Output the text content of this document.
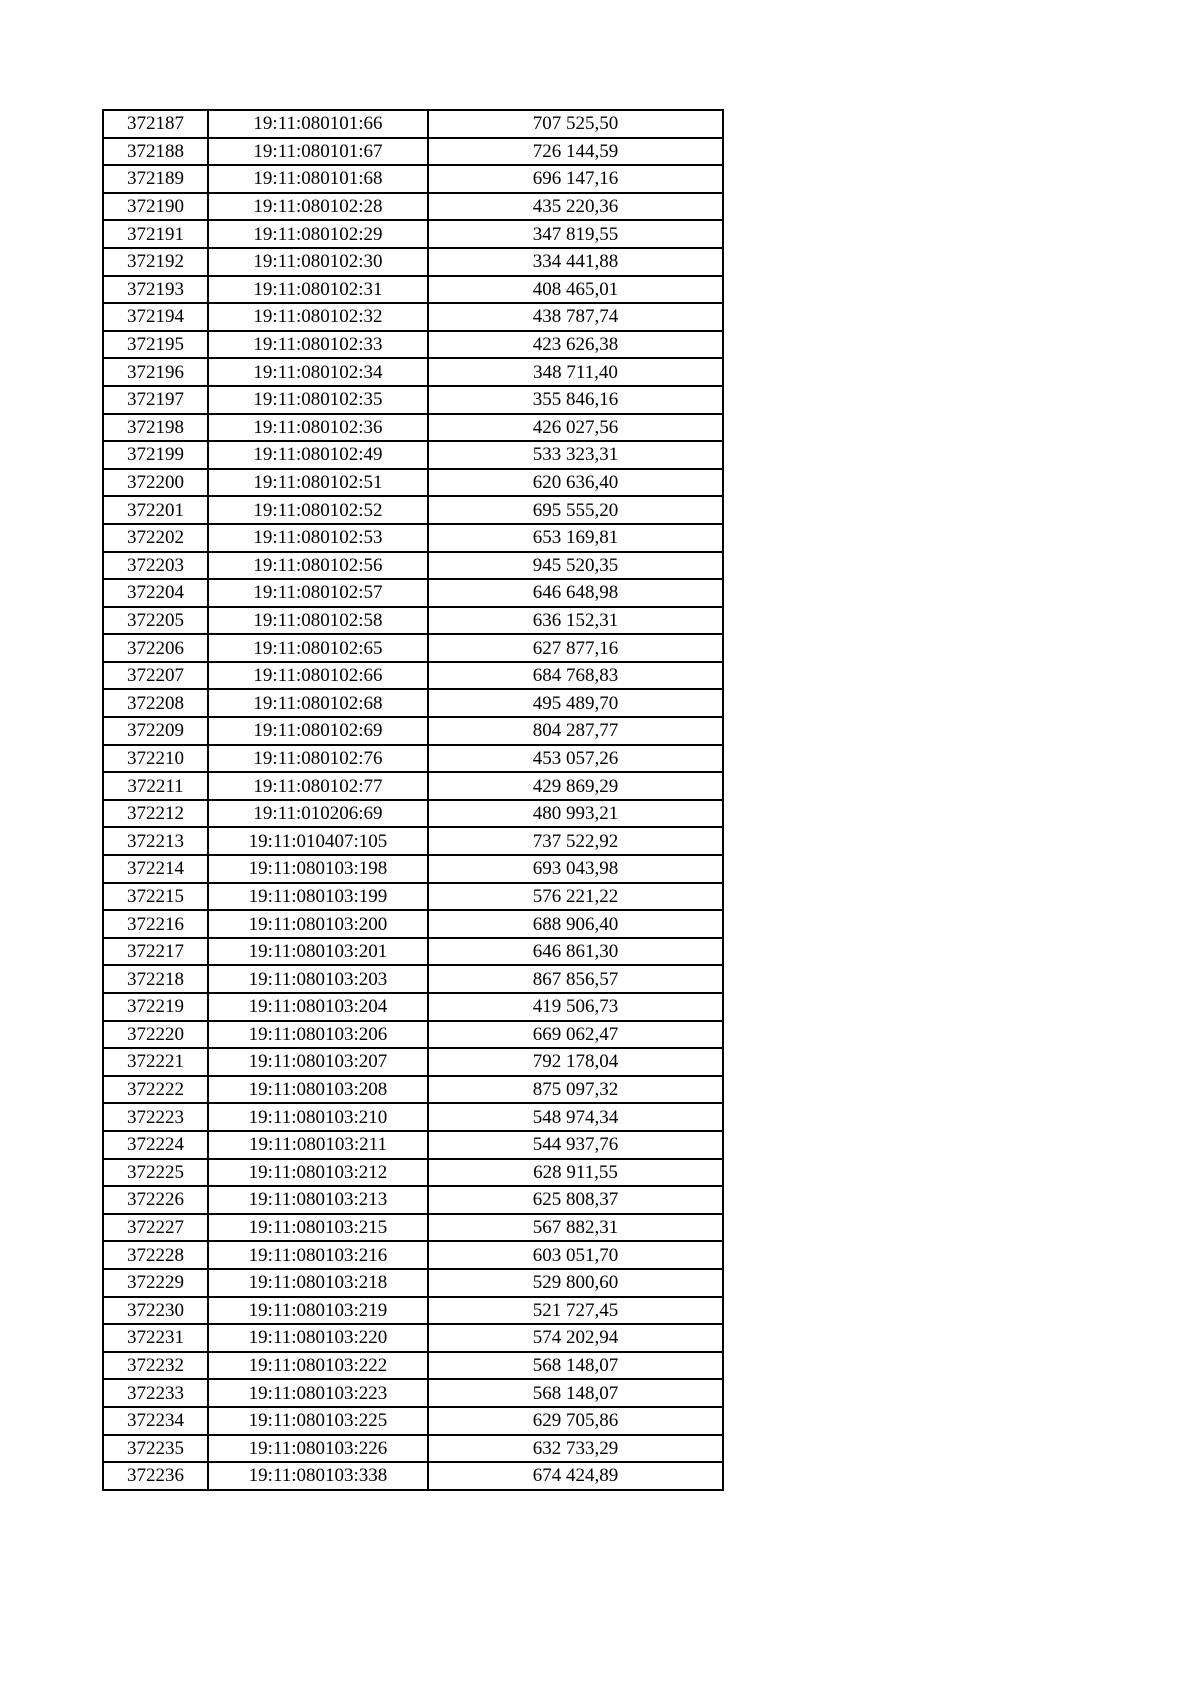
372187	19:11:080101:66	707 525,50
372188	19:11:080101:67	726 144,59
372189	19:11:080101:68	696 147,16
372190	19:11:080102:28	435 220,36
372191	19:11:080102:29	347 819,55
372192	19:11:080102:30	334 441,88
372193	19:11:080102:31	408 465,01
372194	19:11:080102:32	438 787,74
372195	19:11:080102:33	423 626,38
372196	19:11:080102:34	348 711,40
372197	19:11:080102:35	355 846,16
372198	19:11:080102:36	426 027,56
372199	19:11:080102:49	533 323,31
372200	19:11:080102:51	620 636,40
372201	19:11:080102:52	695 555,20
372202	19:11:080102:53	653 169,81
372203	19:11:080102:56	945 520,35
372204	19:11:080102:57	646 648,98
372205	19:11:080102:58	636 152,31
372206	19:11:080102:65	627 877,16
372207	19:11:080102:66	684 768,83
372208	19:11:080102:68	495 489,70
372209	19:11:080102:69	804 287,77
372210	19:11:080102:76	453 057,26
372211	19:11:080102:77	429 869,29
372212	19:11:010206:69	480 993,21
372213	19:11:010407:105	737 522,92
372214	19:11:080103:198	693 043,98
372215	19:11:080103:199	576 221,22
372216	19:11:080103:200	688 906,40
372217	19:11:080103:201	646 861,30
372218	19:11:080103:203	867 856,57
372219	19:11:080103:204	419 506,73
372220	19:11:080103:206	669 062,47
372221	19:11:080103:207	792 178,04
372222	19:11:080103:208	875 097,32
372223	19:11:080103:210	548 974,34
372224	19:11:080103:211	544 937,76
372225	19:11:080103:212	628 911,55
372226	19:11:080103:213	625 808,37
372227	19:11:080103:215	567 882,31
372228	19:11:080103:216	603 051,70
372229	19:11:080103:218	529 800,60
372230	19:11:080103:219	521 727,45
372231	19:11:080103:220	574 202,94
372232	19:11:080103:222	568 148,07
372233	19:11:080103:223	568 148,07
372234	19:11:080103:225	629 705,86
372235	19:11:080103:226	632 733,29
372236	19:11:080103:338	674 424,89
